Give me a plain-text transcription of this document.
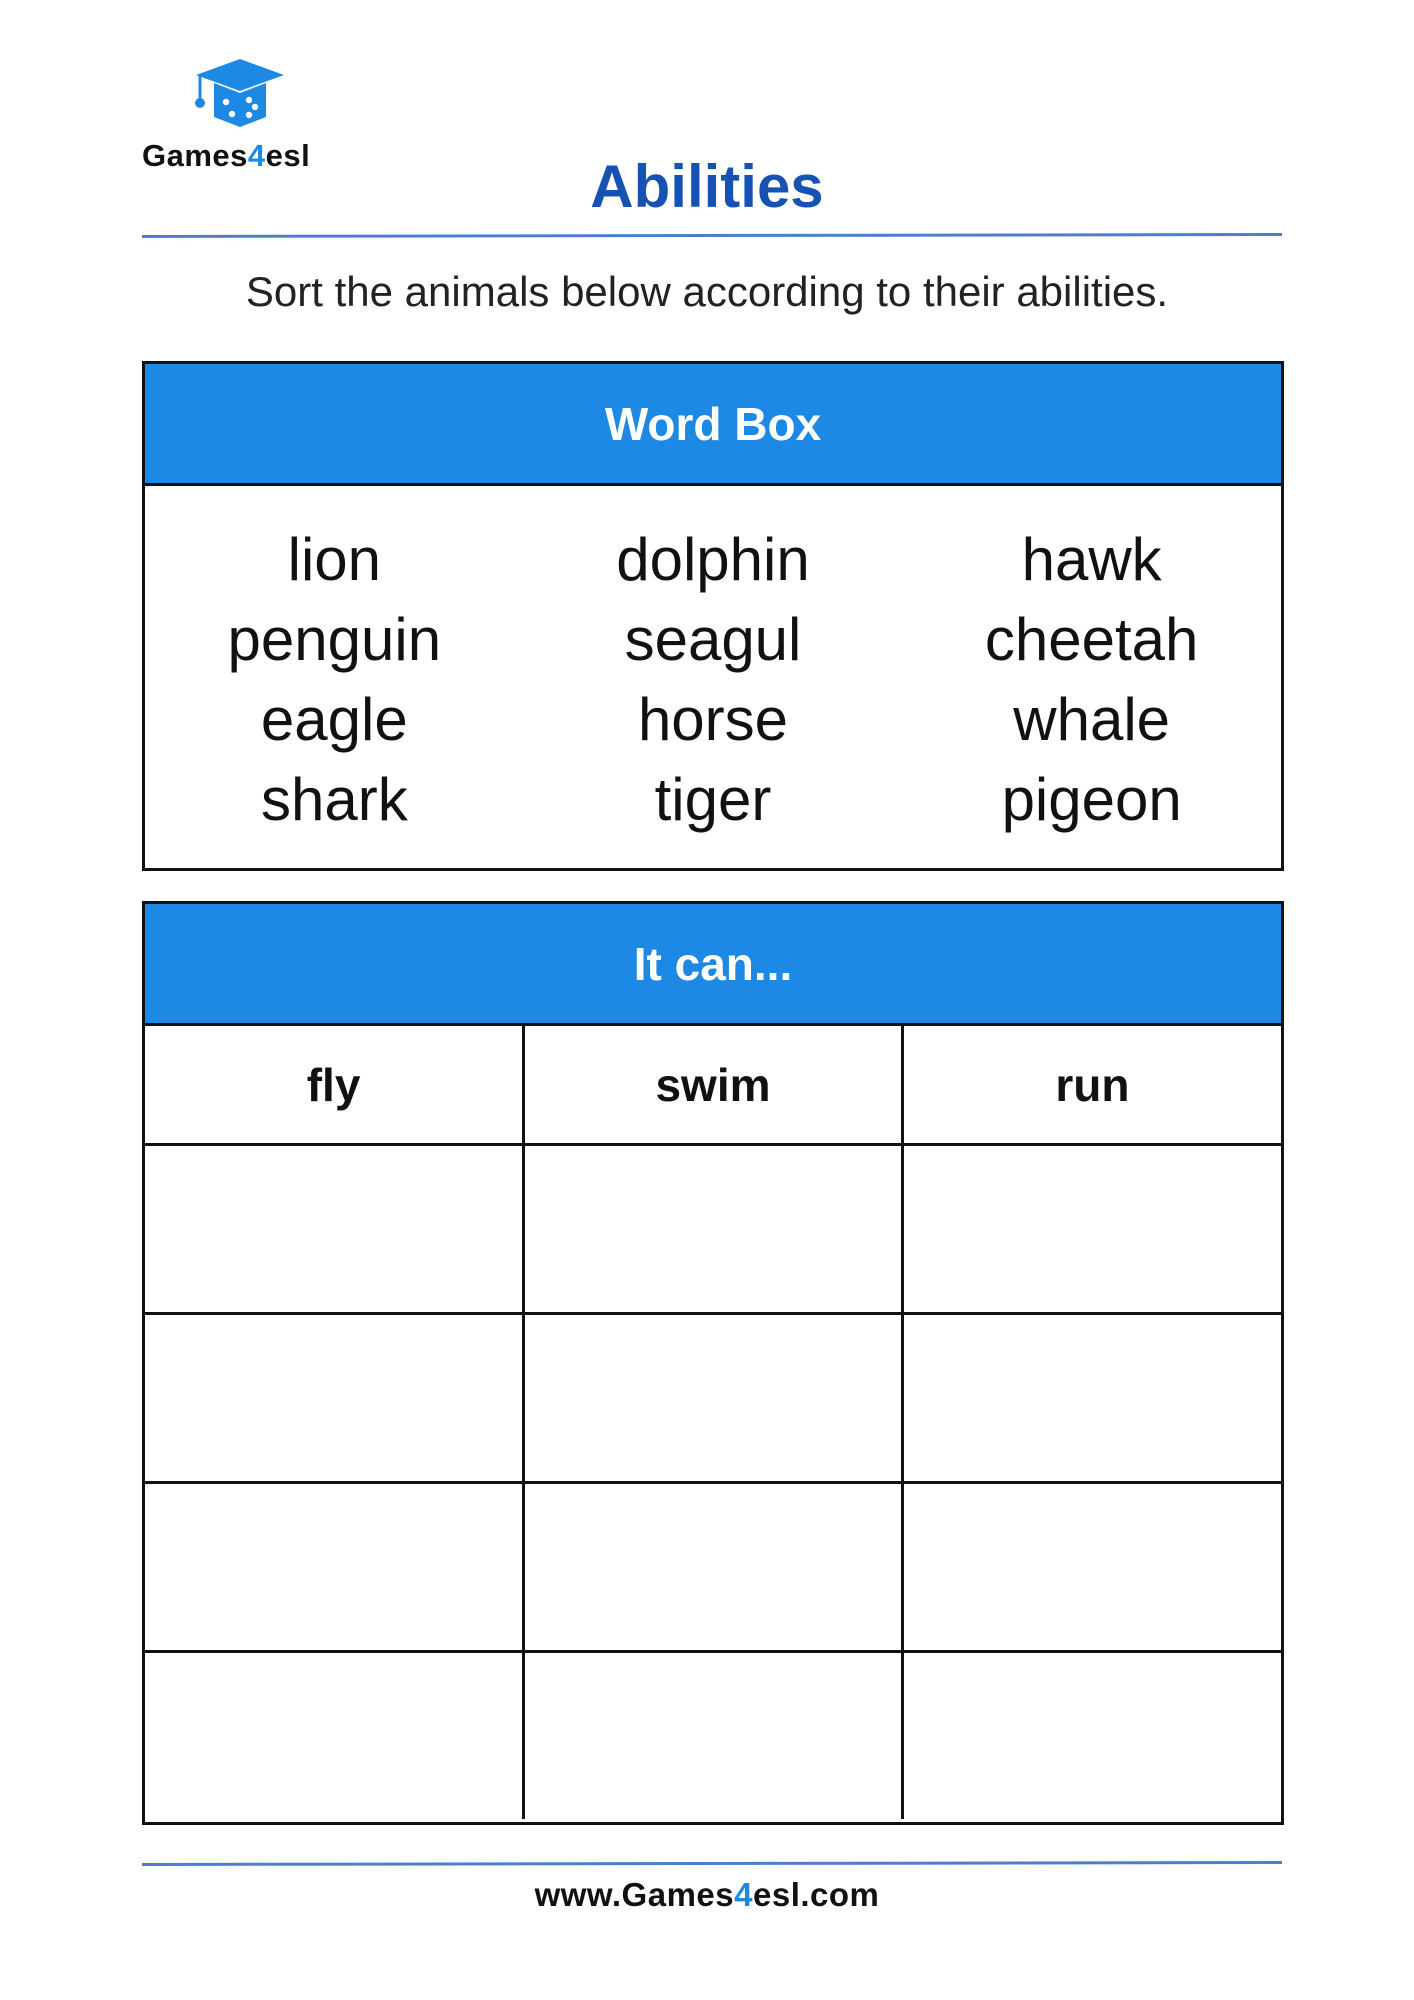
Games4esl	Abilities
Sort the animals below according to their abilities.
Word Box
lion	dolphin	hawk
penguin	seagul	cheetah
eagle	horse	whale
shark	tiger	pigeon
It can...
fly	swim	run

www.Games4esl.com
